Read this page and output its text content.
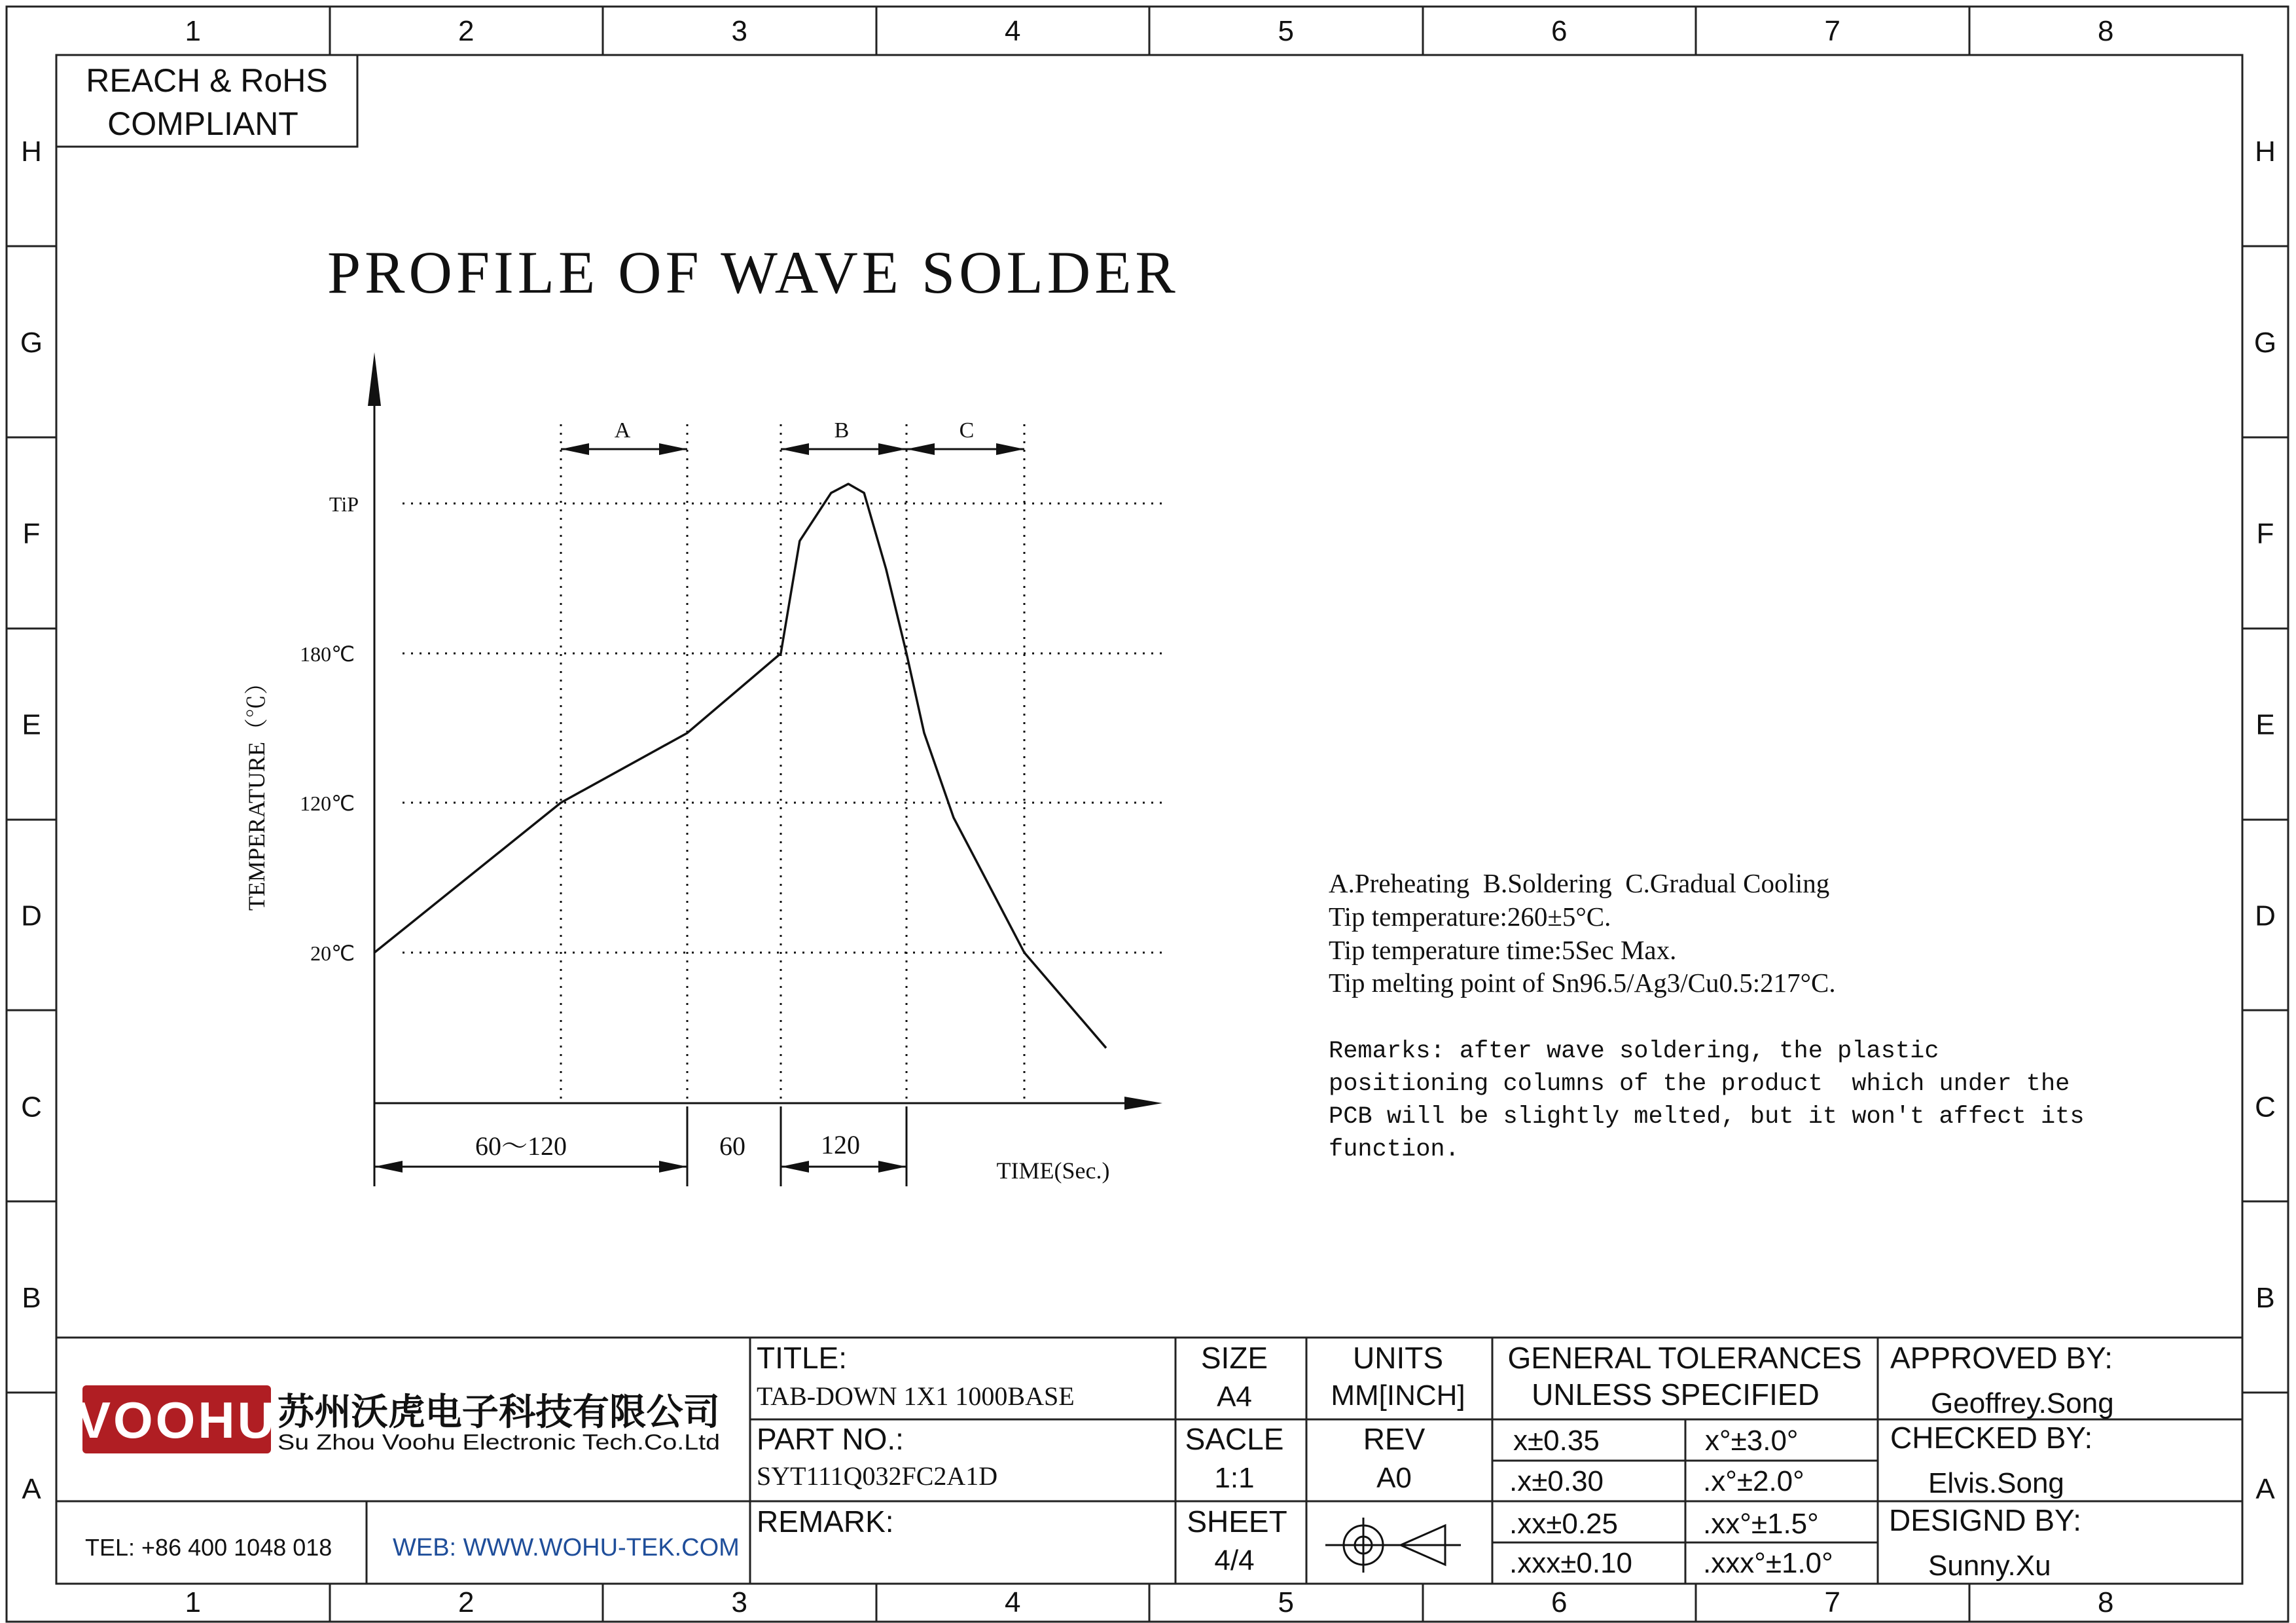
1
1
2
2
3
3
4
4
5
5
6
6
7
7
8
8
H	H
G	G
F	F
E	E
D	D
C	C
B	B
A	A
REACH & RoHS
COMPLIANT
PROFILE OF WAVE SOLDER
TiP
180℃
120℃
20℃
TEMPERATURE（℃）
A	B	C
60～120	60	120
TIME(Sec.)
A.Preheating  B.Soldering  C.Gradual Cooling
Tip temperature:260±5°C.
Tip temperature time:5Sec Max.
Tip melting point of Sn96.5/Ag3/Cu0.5:217°C.
Remarks: after wave soldering, the plastic
positioning columns of the product  which under the
PCB will be slightly melted, but it won't affect its
function.
VOOHU 苏州沃虎电子科技有限公司
Su Zhou Voohu Electronic Tech.Co.Ltd
TEL: +86 400 1048 018 WEB: WWW.WOHU-TEK.COM
TITLE:
TAB-DOWN 1X1 1000BASE
PART NO.:
SYT111Q032FC2A1D
REMARK:
SIZE
A4
SACLE
1:1
SHEET
4/4
UNITS
MM[INCH]
REV
A0
GENERAL TOLERANCES
UNLESS SPECIFIED
x±0.35	x°±3.0°
.x±0.30	.x°±2.0°
.xx±0.25	.xx°±1.5°
.xxx±0.10 .xxx°±1.0°
APPROVED BY:
Geoffrey.Song
CHECKED BY:
Elvis.Song
DESIGND BY:
Sunny.Xu
